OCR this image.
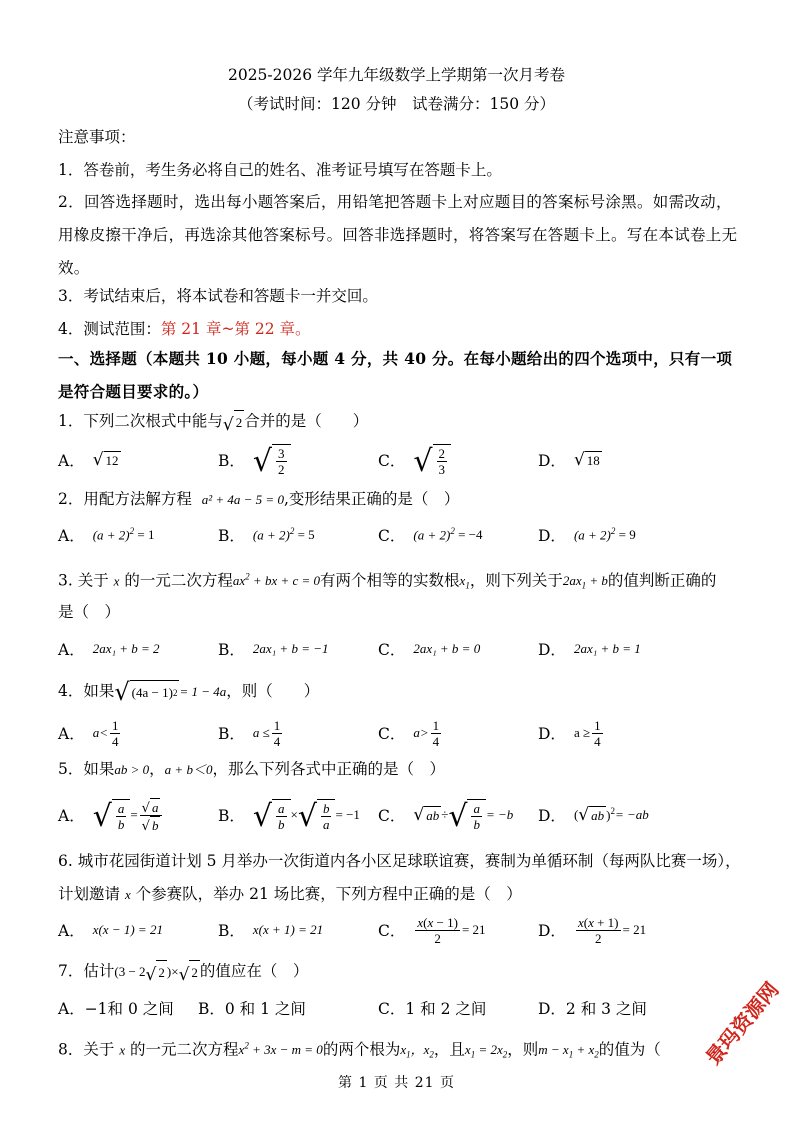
2025-2026 学年九年级数学上学期第一次月考卷
（考试时间：120 分钟　试卷满分：150 分）
注意事项：
1．答卷前，考生务必将自己的姓名、准考证号填写在答题卡上。
2．回答选择题时，选出每小题答案后，用铅笔把答题卡上对应题目的答案标号涂黑。如需改动，用橡皮擦干净后，再选涂其他答案标号。回答非选择题时，将答案写在答题卡上。写在本试卷上无效。
3．考试结束后，将本试卷和答题卡一并交回。
4．测试范围：第 21 章~第 22 章。
一、选择题（本题共 10 小题，每小题 4 分，共 40 分。在每小题给出的四个选项中，只有一项是符合题目要求的。）
1．下列二次根式中能与 √ 2 合并的是（　　）
A． √ 12	B． √ $\frac{3}{2}$	C． √ $\frac{2}{3}$	D． √ 18
2．用配方法解方程 a² + 4a − 5 = 0,变形结果正确的是（　）
A． $(a + 2)^2 = 1$	B． $(a + 2)^2 = 5$	C． $(a + 2)^2 = -4$	D． $(a + 2)^2 = 9$
3. 关于 x 的一元二次方程$ax^2$ + bx + c = 0有两个相等的实数根$x_1$，则下列关于$2ax_1 + b$的值判断正确的
是（　）
A． 2ax₁ + b = 2	B． 2ax₁ + b = −1	C． 2ax₁ + b = 0	D． 2ax₁ + b = 1
4．如果 √ (4a − 1) 2 = 1 − 4a，则（　　）
A． $a< \frac{1}{4}$	B． $a \le \frac{1}{4}$	C． $a> \frac{1}{4}$	D． $a \ge \frac{1}{4}$
5．如果ab > 0，a + b＜0，那么下列各式中正确的是（　）
A． √ $\frac{a}{b} = \frac{√ a}{√ b}$	B． √ $\frac{a}{b}$ × √ $\frac{b}{a} = -1$ C． √ ab ÷ √ $\frac{a}{b} = -b$ D． ( √ ab )$^2$ = −ab
6. 城市花园街道计划 5 月举办一次街道内各小区足球联谊赛，赛制为单循环制（每两队比赛一场），
计划邀请 x 个参赛队，举办 21 场比赛，下列方程中正确的是（　）
A． x(x − 1) = 21	B． x(x + 1) = 21	C． $\frac{x(x - 1)}{2} = 21$	D． $\frac{x(x + 1)}{2} = 21$
7．估计(3 − 2 √ 2 )× √ 2 的值应在（　）
A．−1和 0 之间 B．0 和 1 之间	C．1 和 2 之间	D．2 和 3 之间
8．关于 x 的一元二次方程$x^2 + 3x - m = 0$的两个根为$x_1$，$x_2$，且$x_1 = 2x_2$，则$m - x_1 + x_2$的值为（
第 1 页 共 21 页
景玛资源网
